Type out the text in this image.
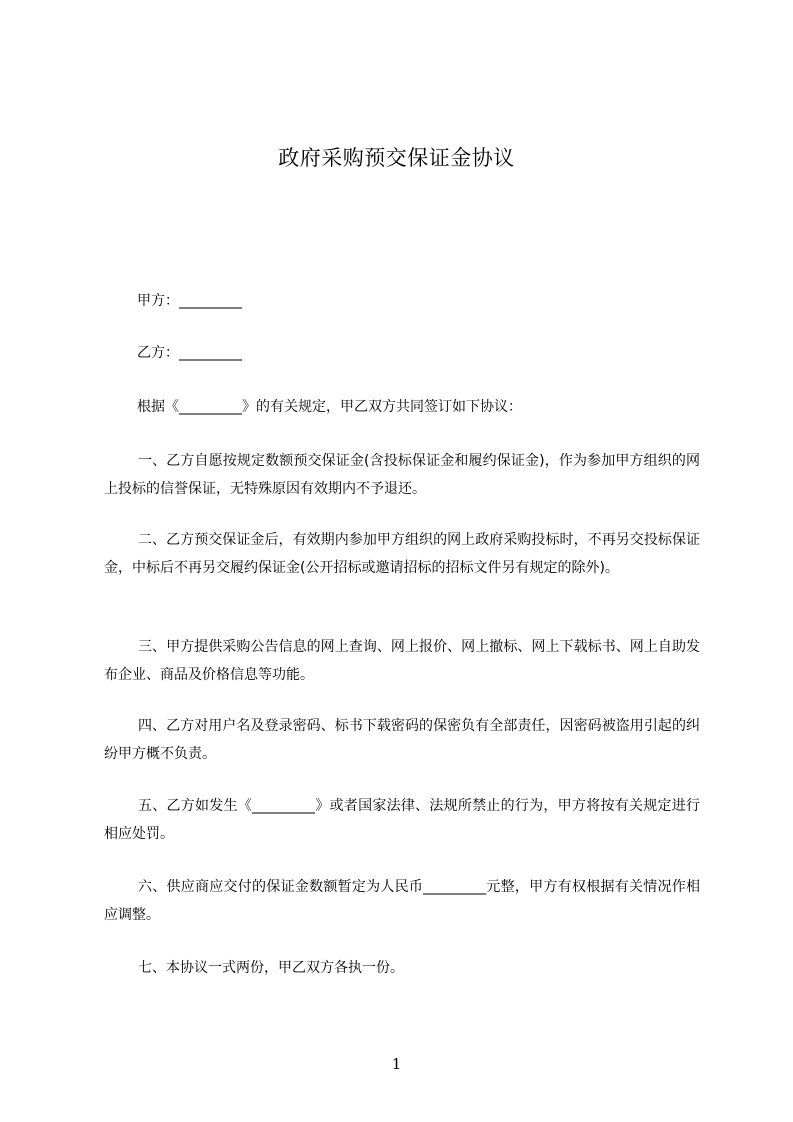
政府采购预交保证金协议
甲方：_________
乙方：_________
根据《_________》的有关规定，甲乙双方共同签订如下协议：

一、乙方自愿按规定数额预交保证金(含投标保证金和履约保证金)，作为参加甲方组织的网上投标的信誉保证，无特殊原因有效期内不予退还。

二、乙方预交保证金后，有效期内参加甲方组织的网上政府采购投标时，不再另交投标保证金，中标后不再另交履约保证金(公开招标或邀请招标的招标文件另有规定的除外)。

三、甲方提供采购公告信息的网上查询、网上报价、网上撤标、网上下载标书、网上自助发布企业、商品及价格信息等功能。

四、乙方对用户名及登录密码、标书下载密码的保密负有全部责任，因密码被盗用引起的纠纷甲方概不负责。

五、乙方如发生《_________》或者国家法律、法规所禁止的行为，甲方将按有关规定进行相应处罚。

六、供应商应交付的保证金数额暂定为人民币_________元整，甲方有权根据有关情况作相应调整。

七、本协议一式两份，甲乙双方各执一份。

1
